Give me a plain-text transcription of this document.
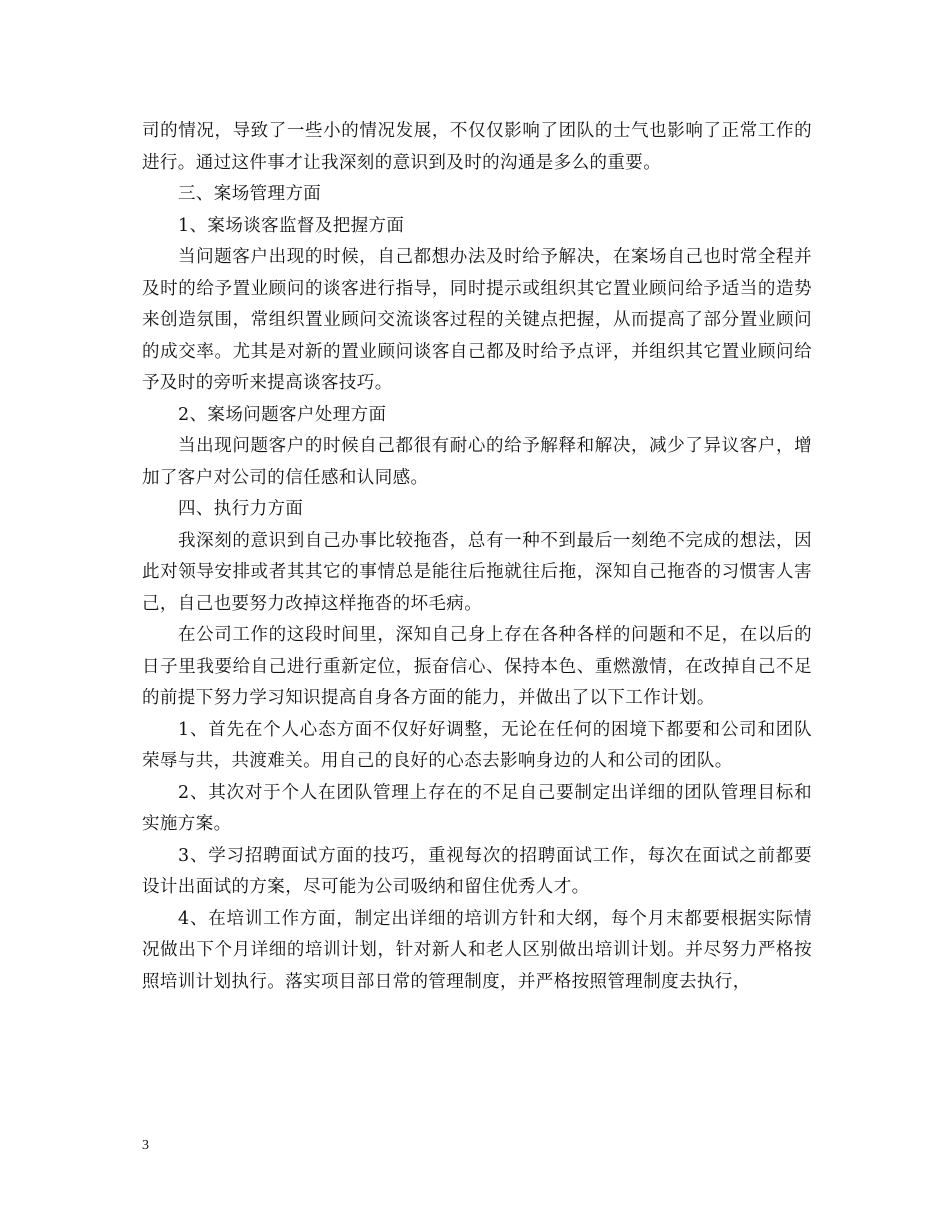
司的情况，导致了一些小的情况发展，不仅仅影响了团队的士气也影响了正常工作的进行。通过这件事才让我深刻的意识到及时的沟通是多么的重要。

三、案场管理方面

1、案场谈客监督及把握方面

当问题客户出现的时候，自己都想办法及时给予解决，在案场自己也时常全程并及时的给予置业顾问的谈客进行指导，同时提示或组织其它置业顾问给予适当的造势来创造氛围，常组织置业顾问交流谈客过程的关键点把握，从而提高了部分置业顾问的成交率。尤其是对新的置业顾问谈客自己都及时给予点评，并组织其它置业顾问给予及时的旁听来提高谈客技巧。

2、案场问题客户处理方面

当出现问题客户的时候自己都很有耐心的给予解释和解决，减少了异议客户，增加了客户对公司的信任感和认同感。

四、执行力方面

我深刻的意识到自己办事比较拖沓，总有一种不到最后一刻绝不完成的想法，因此对领导安排或者其其它的事情总是能往后拖就往后拖，深知自己拖沓的习惯害人害己，自己也要努力改掉这样拖沓的坏毛病。

在公司工作的这段时间里，深知自己身上存在各种各样的问题和不足，在以后的日子里我要给自己进行重新定位，振奋信心、保持本色、重燃激情，在改掉自己不足的前提下努力学习知识提高自身各方面的能力，并做出了以下工作计划。

1、首先在个人心态方面不仅好好调整，无论在任何的困境下都要和公司和团队荣辱与共，共渡难关。用自己的良好的心态去影响身边的人和公司的团队。

2、其次对于个人在团队管理上存在的不足自己要制定出详细的团队管理目标和实施方案。

3、学习招聘面试方面的技巧，重视每次的招聘面试工作，每次在面试之前都要设计出面试的方案，尽可能为公司吸纳和留住优秀人才。

4、在培训工作方面，制定出详细的培训方针和大纲，每个月末都要根据实际情况做出下个月详细的培训计划，针对新人和老人区别做出培训计划。并尽努力严格按照培训计划执行。落实项目部日常的管理制度，并严格按照管理制度去执行，

3
